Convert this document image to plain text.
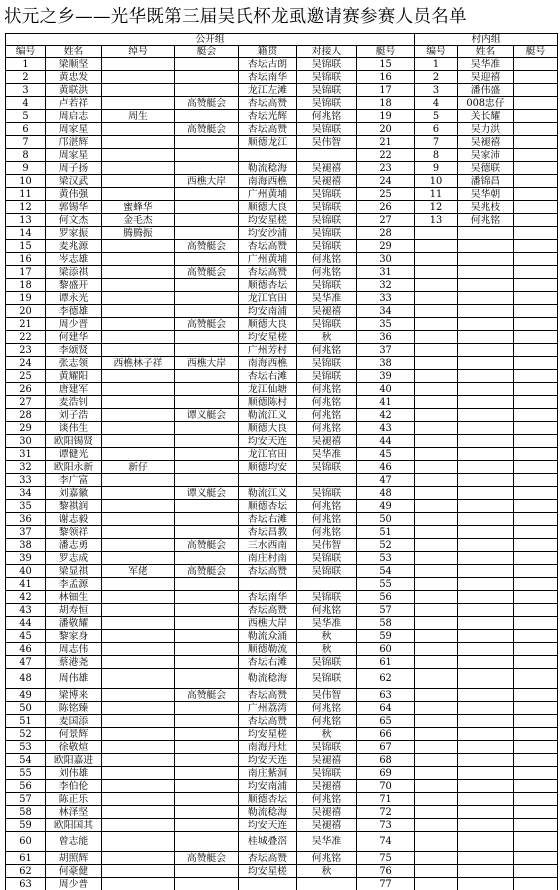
状元之乡——光华既第三届吴氏杯龙虱邀请赛参赛人员名单
公开组						
编号	姓名	绰号	艇会	籍贯	对接人	艇号
1	梁顺坚			杏坛古朗	吴锦联	15
2	黄忠发			杏坛南华	吴锦联	16
3	黄联洪			龙江左滩	吴锦联	17
4	卢若祥		高赞艇会	杏坛高赞	吴锦联	18
5	周启志	周生		杏坛光辉	何兆铭	19
6	周家星		高赞艇会	杏坛高赞	吴锦联	20
7	邝湛辉			顺德龙江	吴伟智	21
8	周家星					22
9	周子扬			勒流稔海	吴褪禧	23
10	梁汉武		西樵大岸	南海西樵	吴褪禧	24
11	黄伟强			广州黄埔	吴锦联	25
12	郭锡华	蜜蜂华		顺德大良	吴锦联	26
13	何文杰	金毛杰		均安星槎	吴锦联	27
14	罗家振	腾腾振		均安沙浦	吴锦联	28
15	麦兆源		高赞艇会	杏坛高赞	吴锦联	29
16	岑志雄			广州黄埔	何兆铭	30
17	梁添祺		高赞艇会	杏坛高赞	何兆铭	31
18	黎盛开			顺德杏坛	吴锦联	32
19	谭永光			龙江官田	吴华准	33
20	李德雄			均安南浦	吴褪禧	34
21	周少晋		高赞艇会	顺德大良	吴锦联	35
22	何建华			均安星槎	秋	36
23	李颂贤			广州芳村	何兆铭	37
24	张志领	西樵林子祥	西樵大岸	南海西樵	吴锦联	38
25	黄耀阳			杏坛右滩	吴锦联	39
26	唐建军			龙江仙塘	何兆铭	40
27	麦浩钊			顺德陈村	何兆铭	41
28	刘子浩		谭义艇会	勒流江义	何兆铭	42
29	谈伟生			顺德大良	何兆铭	43
30	欧阳锡贤			均安天连	吴褪禧	44
31	谭健光			龙江官田	吴华准	45
32	欧阳永新	新仔		顺德均安	吴锦联	46
33	李广富					47
34	刘嘉徽		谭义艇会	勒流江义	吴锦联	48
35	黎祺润			顺德杏坛	何兆铭	49
36	谢志毅			杏坛右滩	何兆铭	50
37	黎领祥			杏坛昌教	何兆铭	51
38	潘志勇		高赞艇会	三水西南	吴伟智	52
39	罗志成			南庄村南	吴锦联	53
40	梁显祺	军佬	高赞艇会	杏坛高赞	吴锦联	54
41	李孟源					55
42	林钿生			杏坛南华	吴锦联	56
43	胡寿恒			杏坛高赞	何兆铭	57
44	潘敬耀			西樵大岸	吴华准	58
45	黎家身			勒流众涌	秋	59
46	周志伟			顺德勒流	秋	60
47	蔡港尧			杏坛右滩	吴锦联	61
48	周伟雄			勒流稔海	吴锦联	62
49	梁博来		高赞艇会	杏坛高赞	吴伟智	63
50	陈铭臻			广州荔湾	何兆铭	64
51	麦国添			杏坛高赞	何兆铭	65
52	何景辉			均安星槎	秋	66
53	徐敬煊			南海丹灶	吴锦联	67
54	欧阳嘉进			均安天连	吴褪禧	68
55	刘伟雄			南庄紫洞	吴锦联	69
56	李伯伦			均安南浦	吴褪禧	70
57	陈正乐			顺德杏坛	何兆铭	71
58	林泽坚			勒流稔海	吴褪禧	72
59	欧阳国其			均安天连	吴褪禧	73
60	曾志能			桂城叠滘	吴华准	74
61	胡照辉		高赞艇会	杏坛高赞	何兆铭	75
62	何豪健			均安星槎	秋	76
63	周少普					77
村内组		
编号	姓名	艇号
1	吴华准	
2	吴迎禧	
3	潘伟盛	
4	008忠仔	
5	关长耀	
6	吴力洪	
7	吴褪禧	
8	吴家沛	
9	吴德联	
10	潘锦昌	
11	吴华朝	
12	吴兆枝	
13	何兆铭	
